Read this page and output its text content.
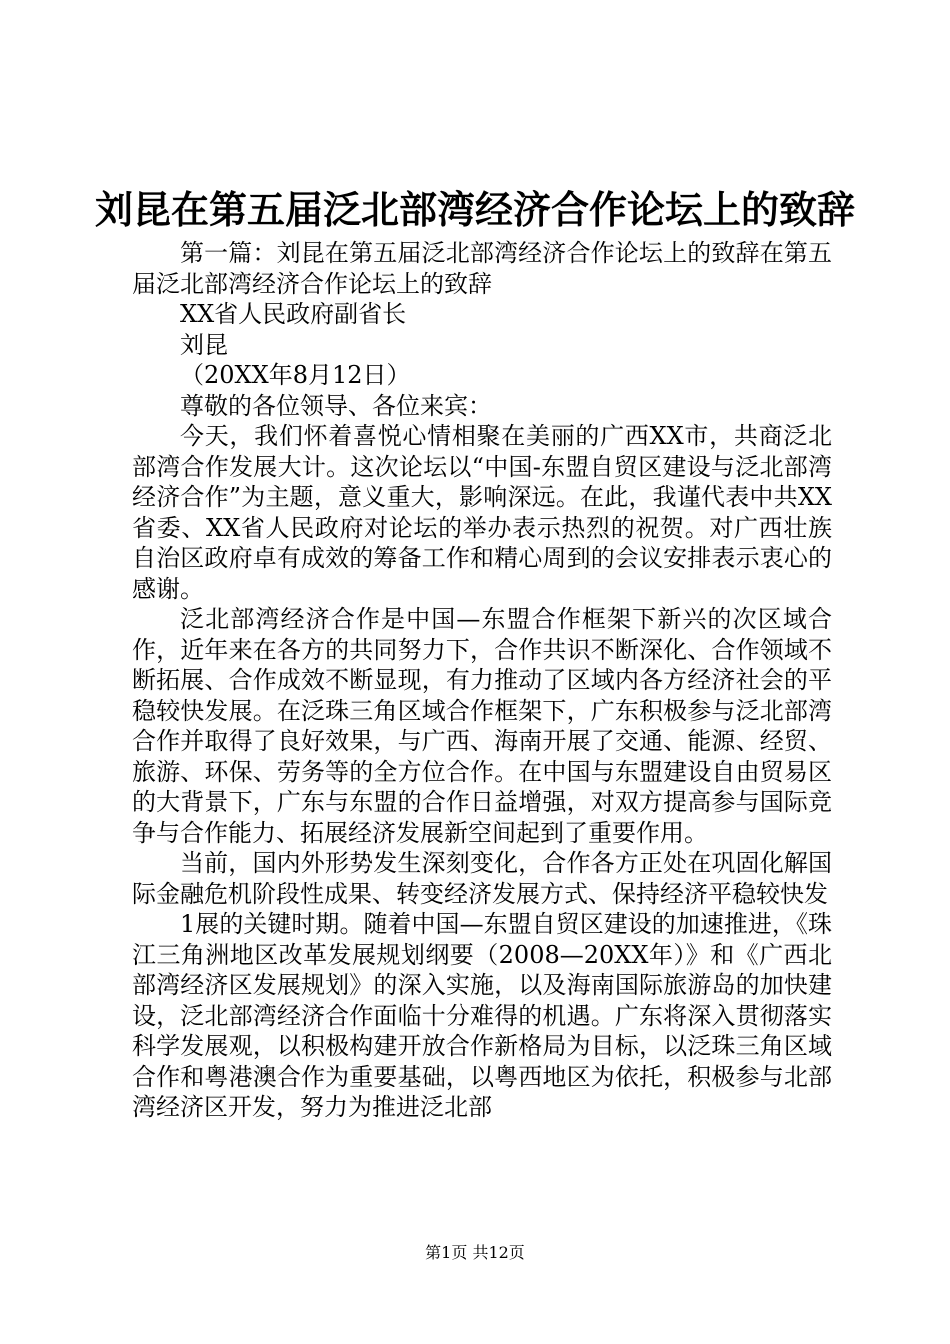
刘昆在第五届泛北部湾经济合作论坛上的致辞

第一篇：刘昆在第五届泛北部湾经济合作论坛上的致辞在第五届泛北部湾经济合作论坛上的致辞

XX省人民政府副省长

刘昆

（20XX年8月12日）

尊敬的各位领导、各位来宾：

今天，我们怀着喜悦心情相聚在美丽的广西XX市，共商泛北部湾合作发展大计。这次论坛以“中国-东盟自贸区建设与泛北部湾经济合作”为主题，意义重大，影响深远。在此，我谨代表中共XX省委、XX省人民政府对论坛的举办表示热烈的祝贺。对广西壮族自治区政府卓有成效的筹备工作和精心周到的会议安排表示衷心的感谢。

泛北部湾经济合作是中国—东盟合作框架下新兴的次区域合作，近年来在各方的共同努力下，合作共识不断深化、合作领域不断拓展、合作成效不断显现，有力推动了区域内各方经济社会的平稳较快发展。在泛珠三角区域合作框架下，广东积极参与泛北部湾合作并取得了良好效果，与广西、海南开展了交通、能源、经贸、旅游、环保、劳务等的全方位合作。在中国与东盟建设自由贸易区的大背景下，广东与东盟的合作日益增强，对双方提高参与国际竞争与合作能力、拓展经济发展新空间起到了重要作用。

当前，国内外形势发生深刻变化，合作各方正处在巩固化解国际金融危机阶段性成果、转变经济发展方式、保持经济平稳较快发

1展的关键时期。随着中国—东盟自贸区建设的加速推进，《珠江三角洲地区改革发展规划纲要（2008—20XX年）》和《广西北部湾经济区发展规划》的深入实施，以及海南国际旅游岛的加快建设，泛北部湾经济合作面临十分难得的机遇。广东将深入贯彻落实科学发展观，以积极构建开放合作新格局为目标，以泛珠三角区域合作和粤港澳合作为重要基础，以粤西地区为依托，积极参与北部湾经济区开发，努力为推进泛北部

第1页 共12页
